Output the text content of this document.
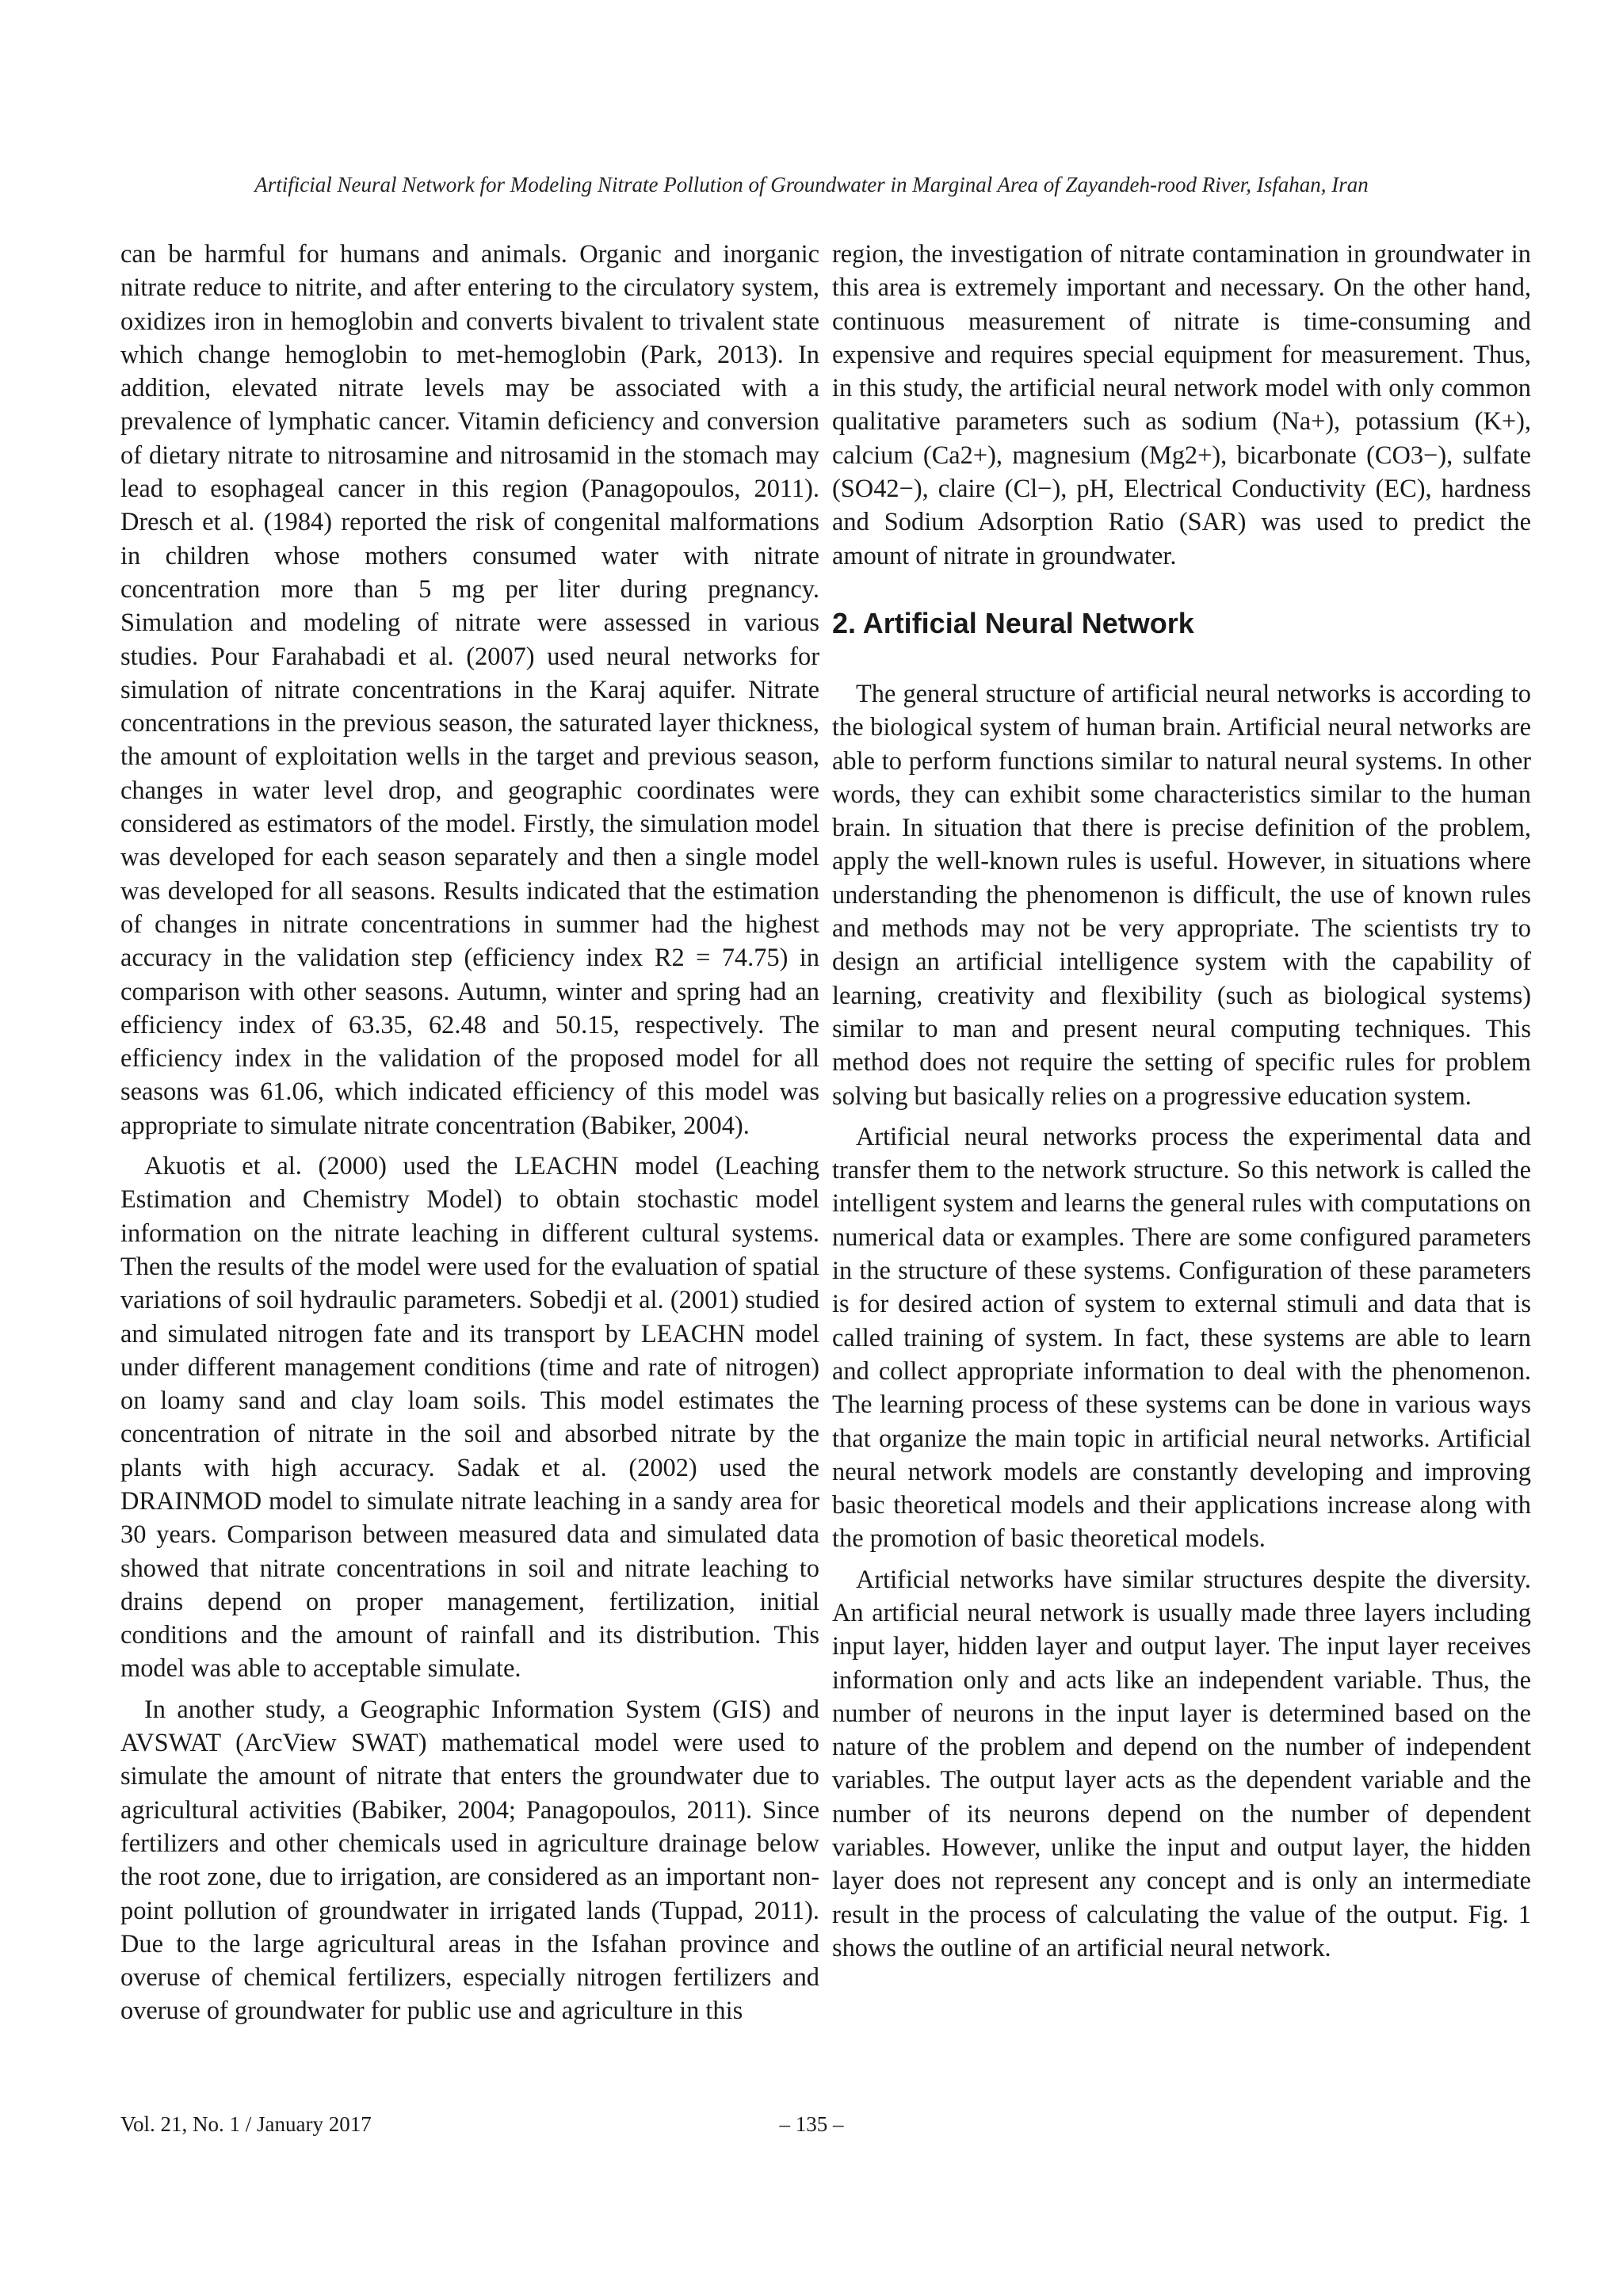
Artificial Neural Network for Modeling Nitrate Pollution of Groundwater in Marginal Area of Zayandeh-rood River, Isfahan, Iran

can be harmful for humans and animals. Organic and inorganic nitrate reduce to nitrite, and after entering to the circulatory system, oxidizes iron in hemoglobin and converts bivalent to trivalent state which change hemoglobin to met-hemoglobin (Park, 2013). In addition, elevated nitrate levels may be associated with a prevalence of lymphatic cancer. Vitamin deficiency and conversion of dietary nitrate to nitrosamine and nitrosamid in the stomach may lead to esophageal cancer in this region (Panagopoulos, 2011). Dresch et al. (1984) reported the risk of congenital malformations in children whose mothers consumed water with nitrate concentration more than 5 mg per liter during pregnancy. Simulation and modeling of nitrate were assessed in various studies. Pour Farahabadi et al. (2007) used neural networks for simulation of nitrate concentrations in the Karaj aquifer. Nitrate concentrations in the previous season, the saturated layer thickness, the amount of exploitation wells in the target and previous season, changes in water level drop, and geographic coordinates were considered as estimators of the model. Firstly, the simulation model was developed for each season separately and then a single model was developed for all seasons. Results indicated that the estimation of changes in nitrate concentrations in summer had the highest accuracy in the validation step (efficiency index R2 = 74.75) in comparison with other seasons. Autumn, winter and spring had an efficiency index of 63.35, 62.48 and 50.15, respectively. The efficiency index in the validation of the proposed model for all seasons was 61.06, which indicated efficiency of this model was appropriate to simulate nitrate concentration (Babiker, 2004).

Akuotis et al. (2000) used the LEACHN model (Leaching Estimation and Chemistry Model) to obtain stochastic model information on the nitrate leaching in different cultural systems. Then the results of the model were used for the evaluation of spatial variations of soil hydraulic parameters. Sobedji et al. (2001) studied and simulated nitrogen fate and its transport by LEACHN model under different management conditions (time and rate of nitrogen) on loamy sand and clay loam soils. This model estimates the concentration of nitrate in the soil and absorbed nitrate by the plants with high accuracy. Sadak et al. (2002) used the DRAINMOD model to simulate nitrate leaching in a sandy area for 30 years. Comparison between measured data and simulated data showed that nitrate concentrations in soil and nitrate leaching to drains depend on proper management, fertilization, initial conditions and the amount of rainfall and its distribution. This model was able to acceptable simulate.

In another study, a Geographic Information System (GIS) and AVSWAT (ArcView SWAT) mathematical model were used to simulate the amount of nitrate that enters the groundwater due to agricultural activities (Babiker, 2004; Panagopoulos, 2011). Since fertilizers and other chemicals used in agriculture drainage below the root zone, due to irrigation, are considered as an important non-point pollution of groundwater in irrigated lands (Tuppad, 2011). Due to the large agricultural areas in the Isfahan province and overuse of chemical fertilizers, especially nitrogen fertilizers and overuse of groundwater for public use and agriculture in this

region, the investigation of nitrate contamination in groundwater in this area is extremely important and necessary. On the other hand, continuous measurement of nitrate is time-consuming and expensive and requires special equipment for measurement. Thus, in this study, the artificial neural network model with only common qualitative parameters such as sodium (Na+), potassium (K+), calcium (Ca2+), magnesium (Mg2+), bicarbonate (CO3−), sulfate (SO42−), claire (Cl−), pH, Electrical Conductivity (EC), hardness and Sodium Adsorption Ratio (SAR) was used to predict the amount of nitrate in groundwater.

2. Artificial Neural Network

The general structure of artificial neural networks is according to the biological system of human brain. Artificial neural networks are able to perform functions similar to natural neural systems. In other words, they can exhibit some characteristics similar to the human brain. In situation that there is precise definition of the problem, apply the well-known rules is useful. However, in situations where understanding the phenomenon is difficult, the use of known rules and methods may not be very appropriate. The scientists try to design an artificial intelligence system with the capability of learning, creativity and flexibility (such as biological systems) similar to man and present neural computing techniques. This method does not require the setting of specific rules for problem solving but basically relies on a progressive education system.

Artificial neural networks process the experimental data and transfer them to the network structure. So this network is called the intelligent system and learns the general rules with computations on numerical data or examples. There are some configured parameters in the structure of these systems. Configuration of these parameters is for desired action of system to external stimuli and data that is called training of system. In fact, these systems are able to learn and collect appropriate information to deal with the phenomenon. The learning process of these systems can be done in various ways that organize the main topic in artificial neural networks. Artificial neural network models are constantly developing and improving basic theoretical models and their applications increase along with the promotion of basic theoretical models.

Artificial networks have similar structures despite the diversity. An artificial neural network is usually made three layers including input layer, hidden layer and output layer. The input layer receives information only and acts like an independent variable. Thus, the number of neurons in the input layer is determined based on the nature of the problem and depend on the number of independent variables. The output layer acts as the dependent variable and the number of its neurons depend on the number of dependent variables. However, unlike the input and output layer, the hidden layer does not represent any concept and is only an intermediate result in the process of calculating the value of the output. Fig. 1 shows the outline of an artificial neural network.

Vol. 21, No. 1 / January 2017	– 135 –
